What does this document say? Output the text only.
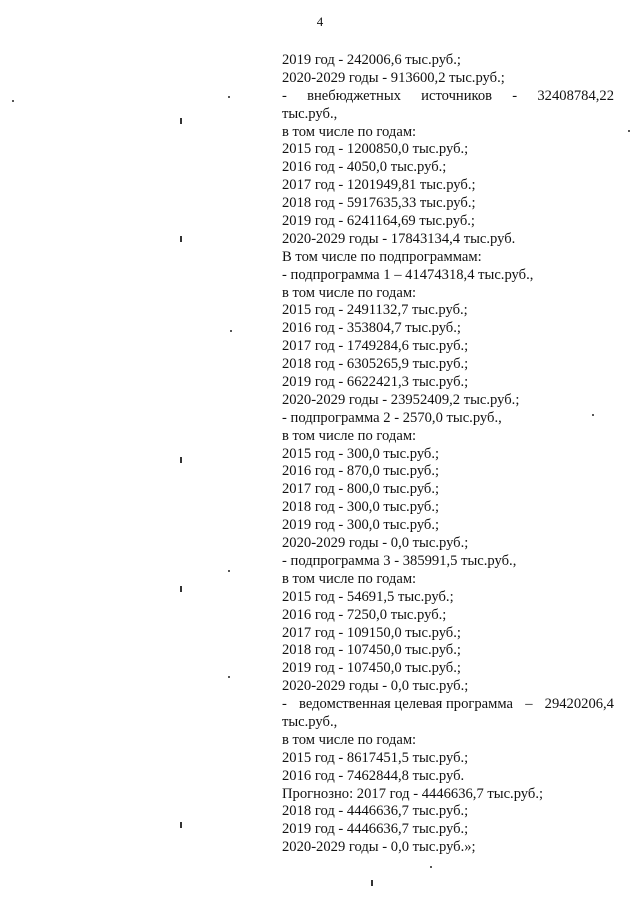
4
2019 год - 242006,6 тыс.руб.;
2020-2029 годы - 913600,2 тыс.руб.;
- внебюджетных источников - 32408784,22
тыс.руб.,
в том числе по годам:
2015 год - 1200850,0 тыс.руб.;
2016 год - 4050,0 тыс.руб.;
2017 год - 1201949,81 тыс.руб.;
2018 год - 5917635,33 тыс.руб.;
2019 год - 6241164,69 тыс.руб.;
2020-2029 годы - 17843134,4 тыс.руб.
В том числе по подпрограммам:
- подпрограмма 1 – 41474318,4 тыс.руб.,
в том числе по годам:
2015 год - 2491132,7 тыс.руб.;
2016 год - 353804,7 тыс.руб.;
2017 год - 1749284,6 тыс.руб.;
2018 год - 6305265,9 тыс.руб.;
2019 год - 6622421,3 тыс.руб.;
2020-2029 годы - 23952409,2 тыс.руб.;
- подпрограмма 2 - 2570,0 тыс.руб.,
в том числе по годам:
2015 год - 300,0 тыс.руб.;
2016 год - 870,0 тыс.руб.;
2017 год - 800,0 тыс.руб.;
2018 год - 300,0 тыс.руб.;
2019 год - 300,0 тыс.руб.;
2020-2029 годы - 0,0 тыс.руб.;
- подпрограмма 3 - 385991,5 тыс.руб.,
в том числе по годам:
2015 год - 54691,5 тыс.руб.;
2016 год - 7250,0 тыс.руб.;
2017 год - 109150,0 тыс.руб.;
2018 год - 107450,0 тыс.руб.;
2019 год - 107450,0 тыс.руб.;
2020-2029 годы - 0,0 тыс.руб.;
- ведомственная целевая программа – 29420206,4
тыс.руб.,
в том числе по годам:
2015 год - 8617451,5 тыс.руб.;
2016 год - 7462844,8 тыс.руб.
Прогнозно: 2017 год - 4446636,7 тыс.руб.;
2018 год - 4446636,7 тыс.руб.;
2019 год - 4446636,7 тыс.руб.;
2020-2029 годы - 0,0 тыс.руб.»;
